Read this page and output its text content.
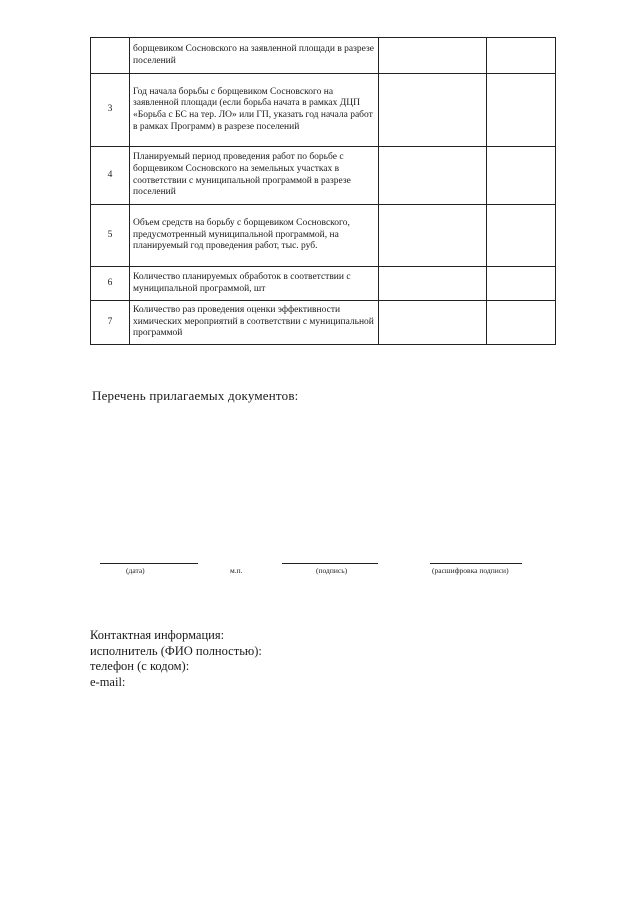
	борщевиком Сосновского на заявленной площади в разрезе поселений		
3	Год начала борьбы с борщевиком Сосновского на заявленной площади (если борьба начата в рамках ДЦП «Борьба с БС на тер. ЛО» или ГП, указать год начала работ в рамках Программ) в разрезе поселений		
4	Планируемый период проведения работ по борьбе с борщевиком Сосновского на земельных участках в соответствии с муниципальной программой в разрезе поселений		
5	Объем средств на борьбу с борщевиком Сосновского, предусмотренный муниципальной программой, на планируемый год проведения работ, тыс. руб.		
6	Количество планируемых обработок в соответствии с муниципальной программой, шт		
7	Количество раз проведения оценки эффективности химических мероприятий в соответствии с муниципальной программой		
Перечень прилагаемых документов:
(дата)	м.п.	(подпись)	(расшифровка подписи)
Контактная информация:
исполнитель (ФИО полностью):
телефон (с кодом):
e-mail:
